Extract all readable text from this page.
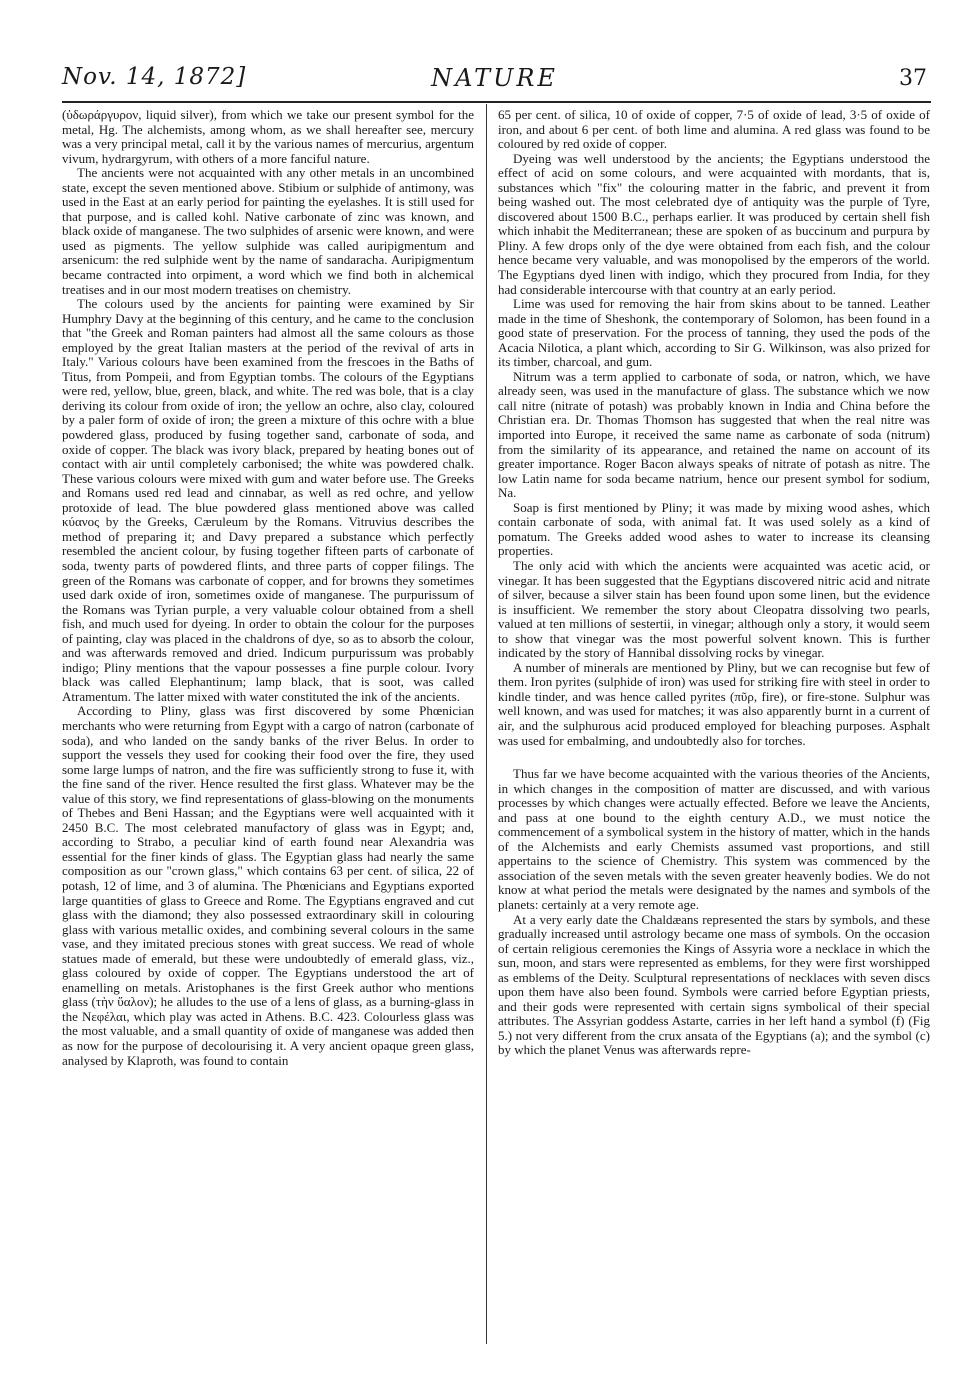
Nov. 14, 1872]	NATURE	37

(ὑδωράργυρον, liquid silver), from which we take our present symbol for the metal, Hg. The alchemists, among whom, as we shall hereafter see, mercury was a very principal metal, call it by the various names of mercurius, argentum vivum, hydrargyrum, with others of a more fanciful nature.

The ancients were not acquainted with any other metals in an uncombined state, except the seven mentioned above. Stibium or sulphide of antimony, was used in the East at an early period for painting the eyelashes. It is still used for that purpose, and is called kohl. Native carbonate of zinc was known, and black oxide of manganese. The two sulphides of arsenic were known, and were used as pigments. The yellow sulphide was called auripigmentum and arsenicum: the red sulphide went by the name of sandaracha. Auripigmentum became contracted into orpiment, a word which we find both in alchemical treatises and in our most modern treatises on chemistry.

The colours used by the ancients for painting were examined by Sir Humphry Davy at the beginning of this century, and he came to the conclusion that "the Greek and Roman painters had almost all the same colours as those employed by the great Italian masters at the period of the revival of arts in Italy." Various colours have been examined from the frescoes in the Baths of Titus, from Pompeii, and from Egyptian tombs. The colours of the Egyptians were red, yellow, blue, green, black, and white. The red was bole, that is a clay deriving its colour from oxide of iron; the yellow an ochre, also clay, coloured by a paler form of oxide of iron; the green a mixture of this ochre with a blue powdered glass, produced by fusing together sand, carbonate of soda, and oxide of copper. The black was ivory black, prepared by heating bones out of contact with air until completely carbonised; the white was powdered chalk. These various colours were mixed with gum and water before use. The Greeks and Romans used red lead and cinnabar, as well as red ochre, and yellow protoxide of lead. The blue powdered glass mentioned above was called κύανος by the Greeks, Cæruleum by the Romans. Vitruvius describes the method of preparing it; and Davy prepared a substance which perfectly resembled the ancient colour, by fusing together fifteen parts of carbonate of soda, twenty parts of powdered flints, and three parts of copper filings. The green of the Romans was carbonate of copper, and for browns they sometimes used dark oxide of iron, sometimes oxide of manganese. The purpurissum of the Romans was Tyrian purple, a very valuable colour obtained from a shell fish, and much used for dyeing. In order to obtain the colour for the purposes of painting, clay was placed in the chaldrons of dye, so as to absorb the colour, and was afterwards removed and dried. Indicum purpurissum was probably indigo; Pliny mentions that the vapour possesses a fine purple colour. Ivory black was called Elephantinum; lamp black, that is soot, was called Atramentum. The latter mixed with water constituted the ink of the ancients.

According to Pliny, glass was first discovered by some Phœnician merchants who were returning from Egypt with a cargo of natron (carbonate of soda), and who landed on the sandy banks of the river Belus. In order to support the vessels they used for cooking their food over the fire, they used some large lumps of natron, and the fire was sufficiently strong to fuse it, with the fine sand of the river. Hence resulted the first glass. Whatever may be the value of this story, we find representations of glass-blowing on the monuments of Thebes and Beni Hassan; and the Egyptians were well acquainted with it 2450 B.C. The most celebrated manufactory of glass was in Egypt; and, according to Strabo, a peculiar kind of earth found near Alexandria was essential for the finer kinds of glass. The Egyptian glass had nearly the same composition as our "crown glass," which contains 63 per cent. of silica, 22 of potash, 12 of lime, and 3 of alumina. The Phœnicians and Egyptians exported large quantities of glass to Greece and Rome. The Egyptians engraved and cut glass with the diamond; they also possessed extraordinary skill in colouring glass with various metallic oxides, and combining several colours in the same vase, and they imitated precious stones with great success. We read of whole statues made of emerald, but these were undoubtedly of emerald glass, viz., glass coloured by oxide of copper. The Egyptians understood the art of enamelling on metals. Aristophanes is the first Greek author who mentions glass (τὴν ὕαλον); he alludes to the use of a lens of glass, as a burning-glass in the Νεφέλαι, which play was acted in Athens. B.C. 423. Colourless glass was the most valuable, and a small quantity of oxide of manganese was added then as now for the purpose of decolourising it. A very ancient opaque green glass, analysed by Klaproth, was found to contain

65 per cent. of silica, 10 of oxide of copper, 7·5 of oxide of lead, 3·5 of oxide of iron, and about 6 per cent. of both lime and alumina. A red glass was found to be coloured by red oxide of copper.

Dyeing was well understood by the ancients; the Egyptians understood the effect of acid on some colours, and were acquainted with mordants, that is, substances which "fix" the colouring matter in the fabric, and prevent it from being washed out. The most celebrated dye of antiquity was the purple of Tyre, discovered about 1500 B.C., perhaps earlier. It was produced by certain shell fish which inhabit the Mediterranean; these are spoken of as buccinum and purpura by Pliny. A few drops only of the dye were obtained from each fish, and the colour hence became very valuable, and was monopolised by the emperors of the world. The Egyptians dyed linen with indigo, which they procured from India, for they had considerable intercourse with that country at an early period.

Lime was used for removing the hair from skins about to be tanned. Leather made in the time of Sheshonk, the contemporary of Solomon, has been found in a good state of preservation. For the process of tanning, they used the pods of the Acacia Nilotica, a plant which, according to Sir G. Wilkinson, was also prized for its timber, charcoal, and gum.

Nitrum was a term applied to carbonate of soda, or natron, which, we have already seen, was used in the manufacture of glass. The substance which we now call nitre (nitrate of potash) was probably known in India and China before the Christian era. Dr. Thomas Thomson has suggested that when the real nitre was imported into Europe, it received the same name as carbonate of soda (nitrum) from the similarity of its appearance, and retained the name on account of its greater importance. Roger Bacon always speaks of nitrate of potash as nitre. The low Latin name for soda became natrium, hence our present symbol for sodium, Na.

Soap is first mentioned by Pliny; it was made by mixing wood ashes, which contain carbonate of soda, with animal fat. It was used solely as a kind of pomatum. The Greeks added wood ashes to water to increase its cleansing properties.

The only acid with which the ancients were acquainted was acetic acid, or vinegar. It has been suggested that the Egyptians discovered nitric acid and nitrate of silver, because a silver stain has been found upon some linen, but the evidence is insufficient. We remember the story about Cleopatra dissolving two pearls, valued at ten millions of sestertii, in vinegar; although only a story, it would seem to show that vinegar was the most powerful solvent known. This is further indicated by the story of Hannibal dissolving rocks by vinegar.

A number of minerals are mentioned by Pliny, but we can recognise but few of them. Iron pyrites (sulphide of iron) was used for striking fire with steel in order to kindle tinder, and was hence called pyrites (πῦρ, fire), or fire-stone. Sulphur was well known, and was used for matches; it was also apparently burnt in a current of air, and the sulphurous acid produced employed for bleaching purposes. Asphalt was used for embalming, and undoubtedly also for torches.

Thus far we have become acquainted with the various theories of the Ancients, in which changes in the composition of matter are discussed, and with various processes by which changes were actually effected. Before we leave the Ancients, and pass at one bound to the eighth century A.D., we must notice the commencement of a symbolical system in the history of matter, which in the hands of the Alchemists and early Chemists assumed vast proportions, and still appertains to the science of Chemistry. This system was commenced by the association of the seven metals with the seven greater heavenly bodies. We do not know at what period the metals were designated by the names and symbols of the planets: certainly at a very remote age.

At a very early date the Chaldæans represented the stars by symbols, and these gradually increased until astrology became one mass of symbols. On the occasion of certain religious ceremonies the Kings of Assyria wore a necklace in which the sun, moon, and stars were represented as emblems, for they were first worshipped as emblems of the Deity. Sculptural representations of necklaces with seven discs upon them have also been found. Symbols were carried before Egyptian priests, and their gods were represented with certain signs symbolical of their special attributes. The Assyrian goddess Astarte, carries in her left hand a symbol (f) (Fig 5.) not very different from the crux ansata of the Egyptians (a); and the symbol (c) by which the planet Venus was afterwards repre-
